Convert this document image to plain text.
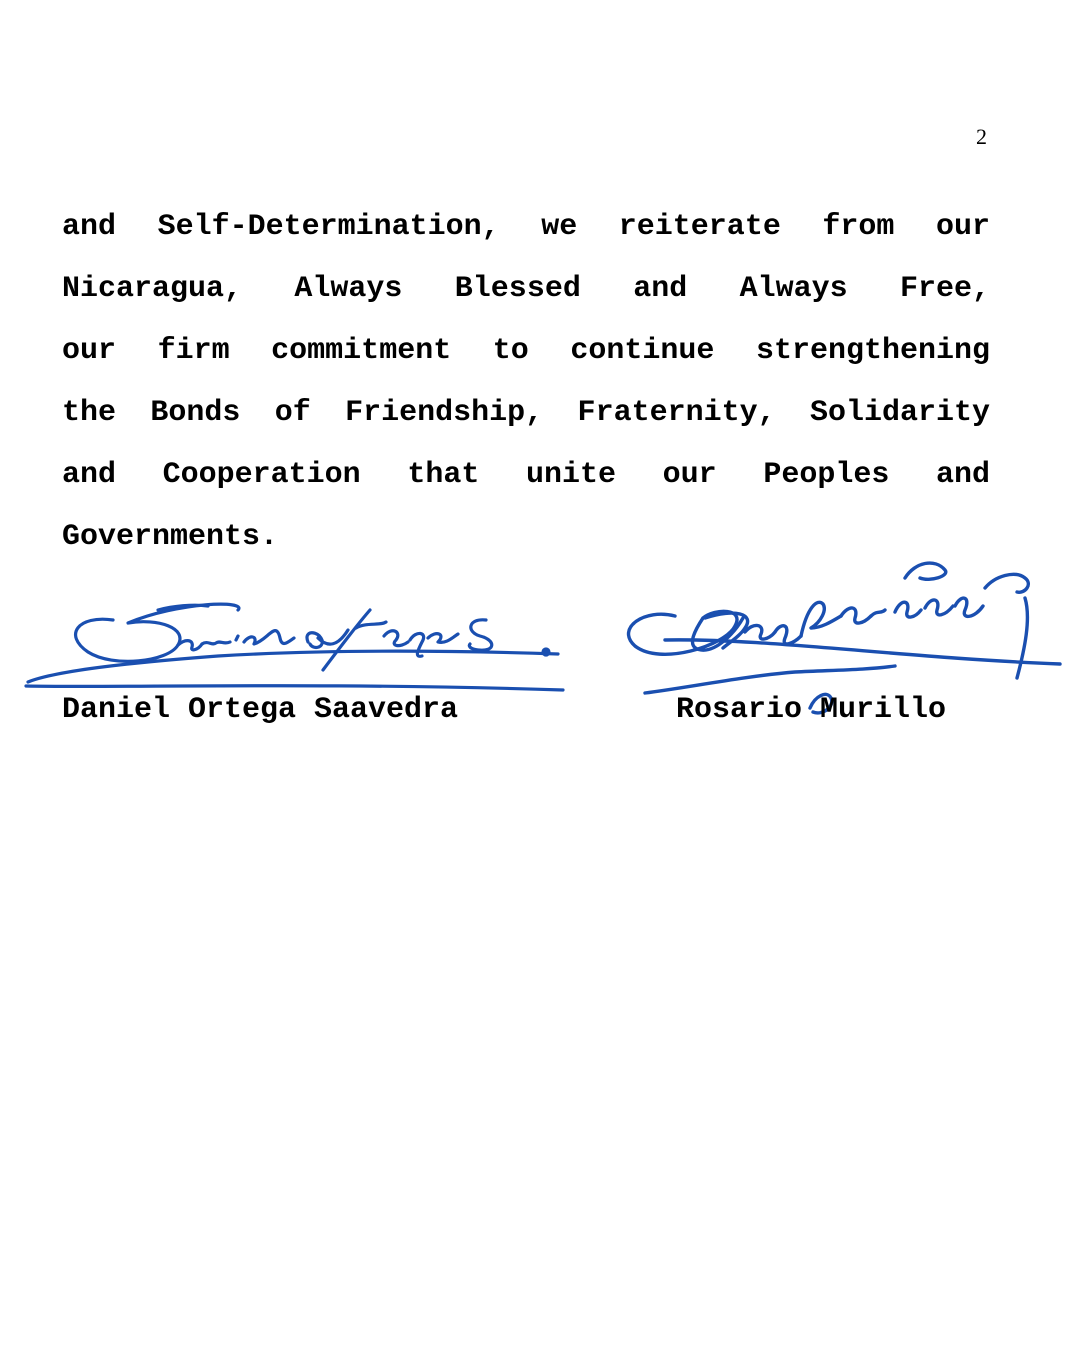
2

and Self-Determination, we reiterate from our
Nicaragua, Always Blessed and Always Free,
our firm commitment to continue strengthening
the Bonds of Friendship, Fraternity, Solidarity
and Cooperation that unite our Peoples and
Governments.

Daniel Ortega Saavedra	Rosario Murillo
